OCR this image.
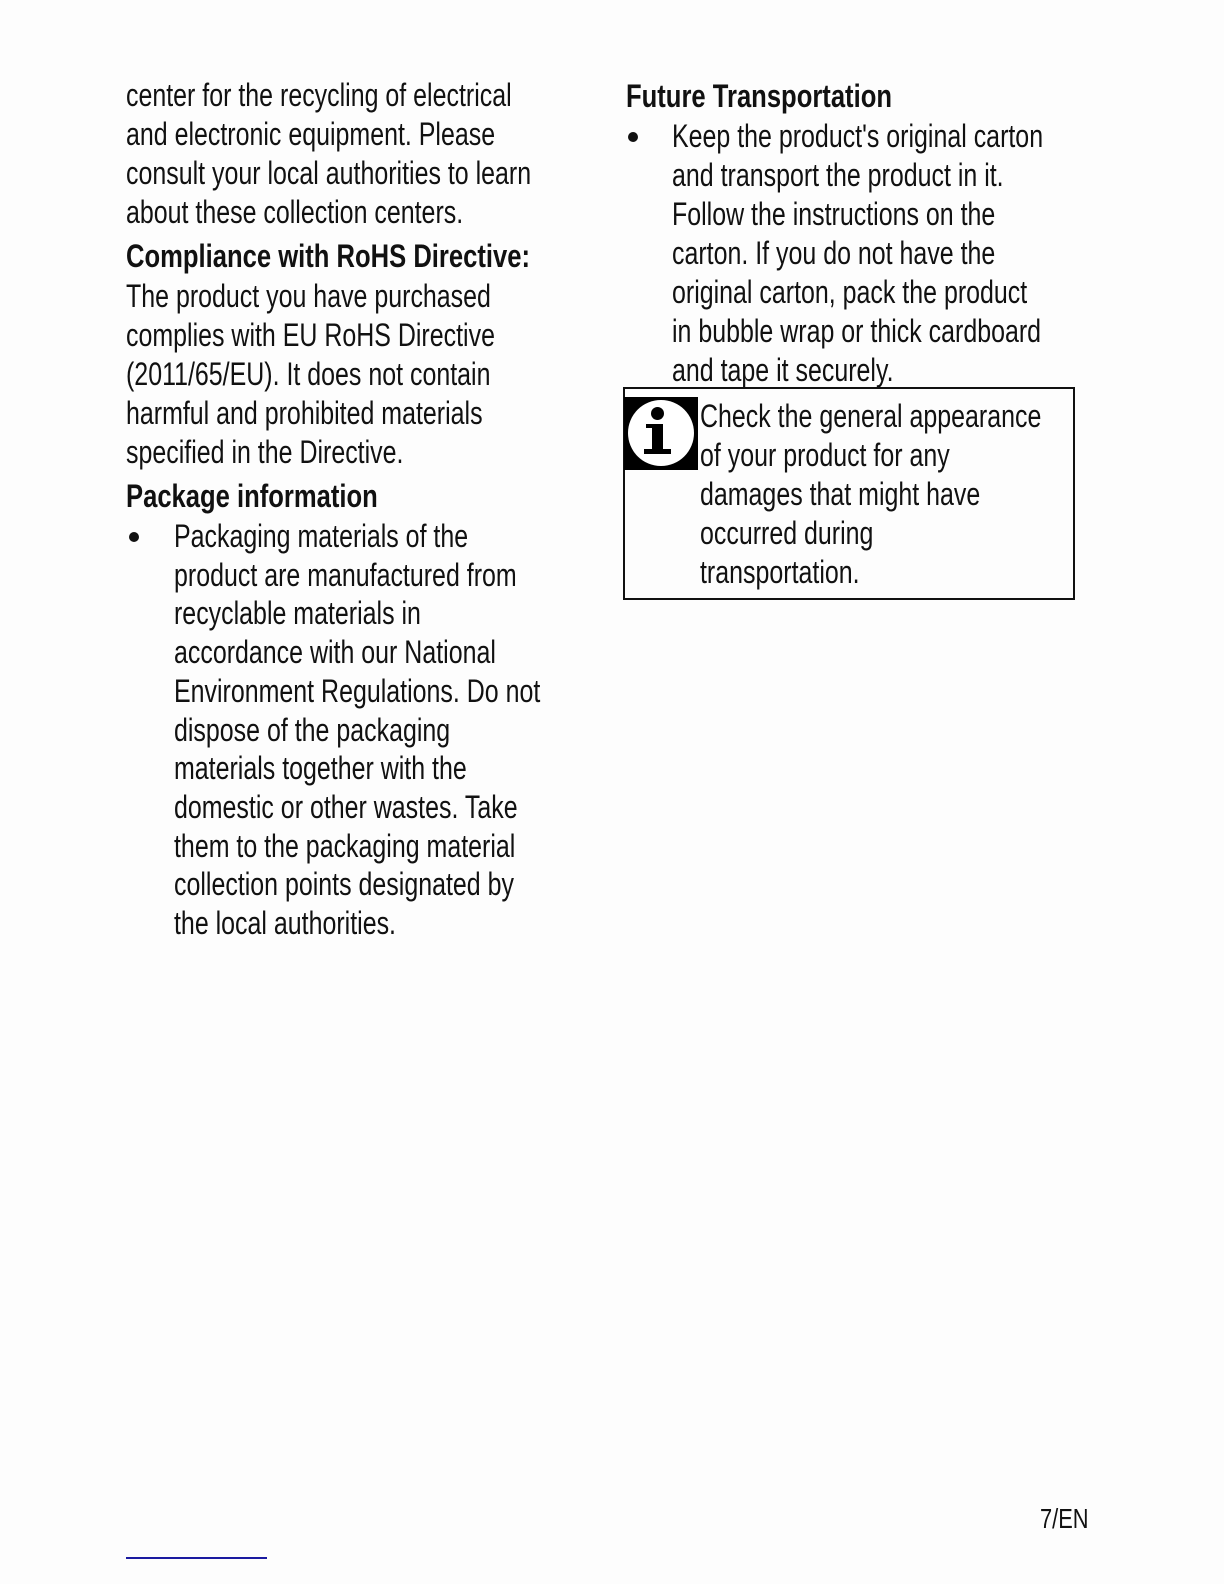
center for the recycling of electrical
and electronic equipment. Please
consult your local authorities to learn
about these collection centers.
Compliance with RoHS Directive:
The product you have purchased
complies with EU RoHS Directive
(2011/65/EU). It does not contain
harmful and prohibited materials
specified in the Directive.
Package information
Packaging materials of the
product are manufactured from
recyclable materials in
accordance with our National
Environment Regulations. Do not
dispose of the packaging
materials together with the
domestic or other wastes. Take
them to the packaging material
collection points designated by
the local authorities.
Future Transportation
Keep the product's original carton
and transport the product in it.
Follow the instructions on the
carton. If you do not have the
original carton, pack the product
in bubble wrap or thick cardboard
and tape it securely.
Check the general appearance
of your product for any
damages that might have
occurred during
transportation.
7/EN
